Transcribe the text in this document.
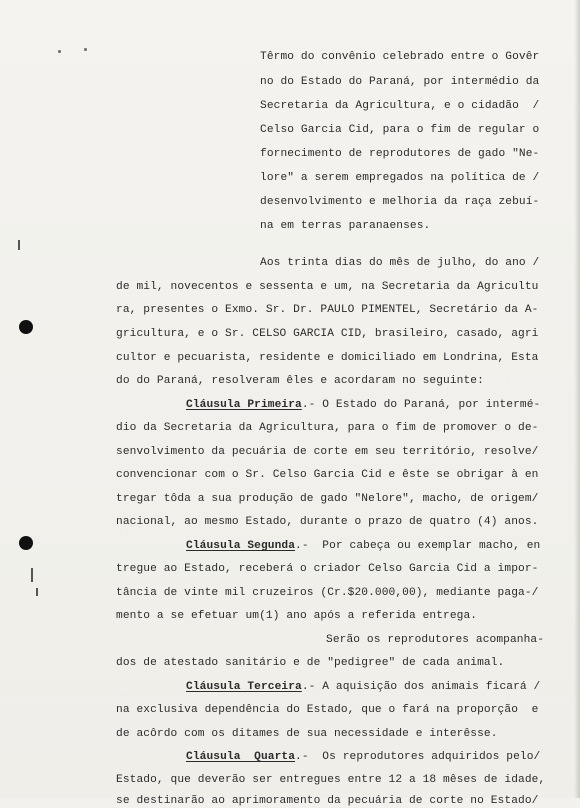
Têrmo do convênio celebrado entre o Govêr
no do Estado do Paraná, por intermédio da
Secretaria da Agricultura, e o cidadão  /
Celso Garcia Cid, para o fim de regular o
fornecimento de reprodutores de gado "Ne-
lore" a serem empregados na política de /
desenvolvimento e melhoria da raça zebuí-
na em terras paranaenses.
Aos trinta dias do mês de julho, do ano /
de mil, novecentos e sessenta e um, na Secretaria da Agricultu
ra, presentes o Exmo. Sr. Dr. PAULO PIMENTEL, Secretário da A-
gricultura, e o Sr. CELSO GARCIA CID, brasileiro, casado, agri
cultor e pecuarista, residente e domiciliado em Londrina, Esta
do do Paraná, resolveram êles e acordaram no seguinte:
Cláusula Primeira.- O Estado do Paraná, por intermé-
dio da Secretaria da Agricultura, para o fim de promover o de-
senvolvimento da pecuária de corte em seu território, resolve/
convencionar com o Sr. Celso Garcia Cid e êste se obrigar à en
tregar tôda a sua produção de gado "Nelore", macho, de origem/
nacional, ao mesmo Estado, durante o prazo de quatro (4) anos.
Cláusula Segunda.-  Por cabeça ou exemplar macho, en
tregue ao Estado, receberá o criador Celso Garcia Cid a impor-
tância de vinte mil cruzeiros (Cr.$20.000,00), mediante paga-/
mento a se efetuar um(1) ano após a referida entrega.
Serão os reprodutores acompanha-
dos de atestado sanitário e de "pedigree" de cada animal.
Cláusula Terceira.- A aquisição dos animais ficará /
na exclusiva dependência do Estado, que o fará na proporção  e
de acôrdo com os ditames de sua necessidade e interêsse.
Cláusula  Quarta.-  Os reprodutores adquiridos pelo/
Estado, que deverão ser entregues entre 12 a 18 mêses de idade,
se destinarão ao aprimoramento da pecuária de corte no Estado/
